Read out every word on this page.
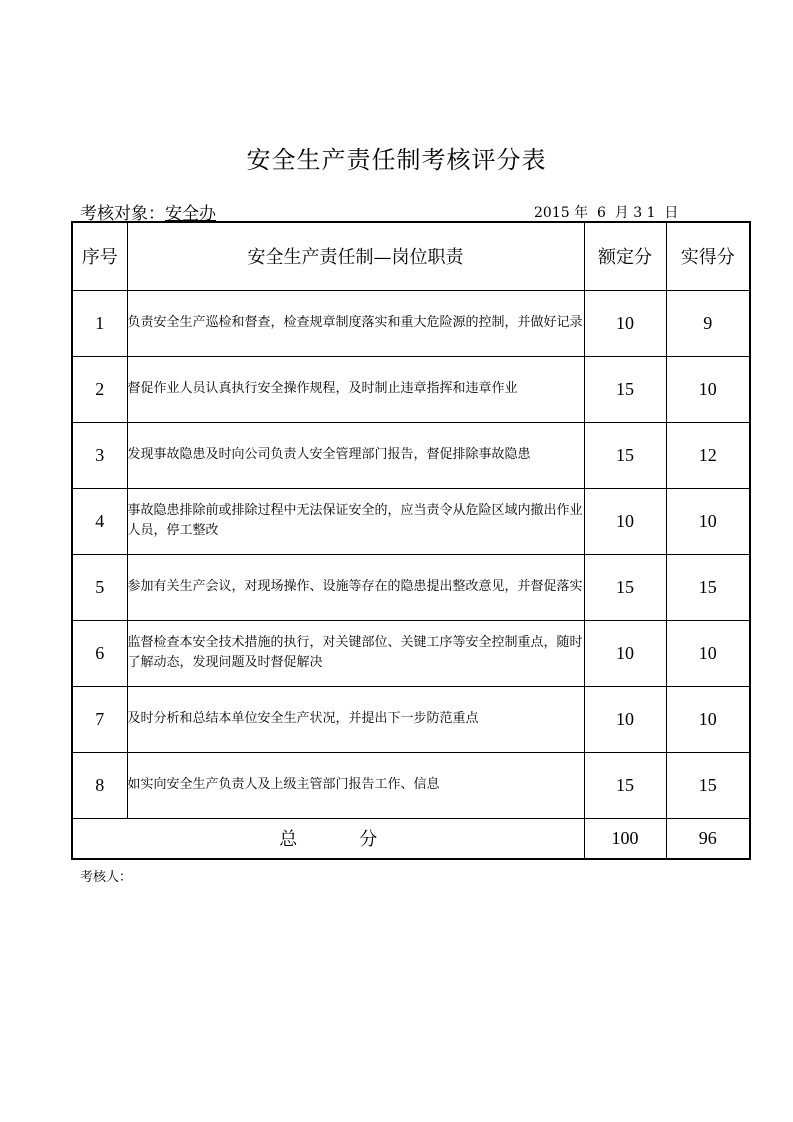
安全生产责任制考核评分表
考核对象：安全办	2015 年  6  月 3 1  日
序号	安全生产责任制—岗位职责	额定分	实得分
1	负责安全生产巡检和督查，检查规章制度落实和重大危险源的控制，并做好记录	10	9
2	督促作业人员认真执行安全操作规程，及时制止违章指挥和违章作业	15	10
3	发现事故隐患及时向公司负责人安全管理部门报告，督促排除事故隐患	15	12
4	事故隐患排除前或排除过程中无法保证安全的，应当责令从危险区域内撤出作业人员，停工整改	10	10
5	参加有关生产会议，对现场操作、设施等存在的隐患提出整改意见，并督促落实	15	15
6	监督检查本安全技术措施的执行，对关键部位、关键工序等安全控制重点，随时了解动态，发现问题及时督促解决	10	10
7	及时分析和总结本单位安全生产状况，并提出下一步防范重点	10	10
8	如实向安全生产负责人及上级主管部门报告工作、信息	15	15
总 分		100	96
考核人：
